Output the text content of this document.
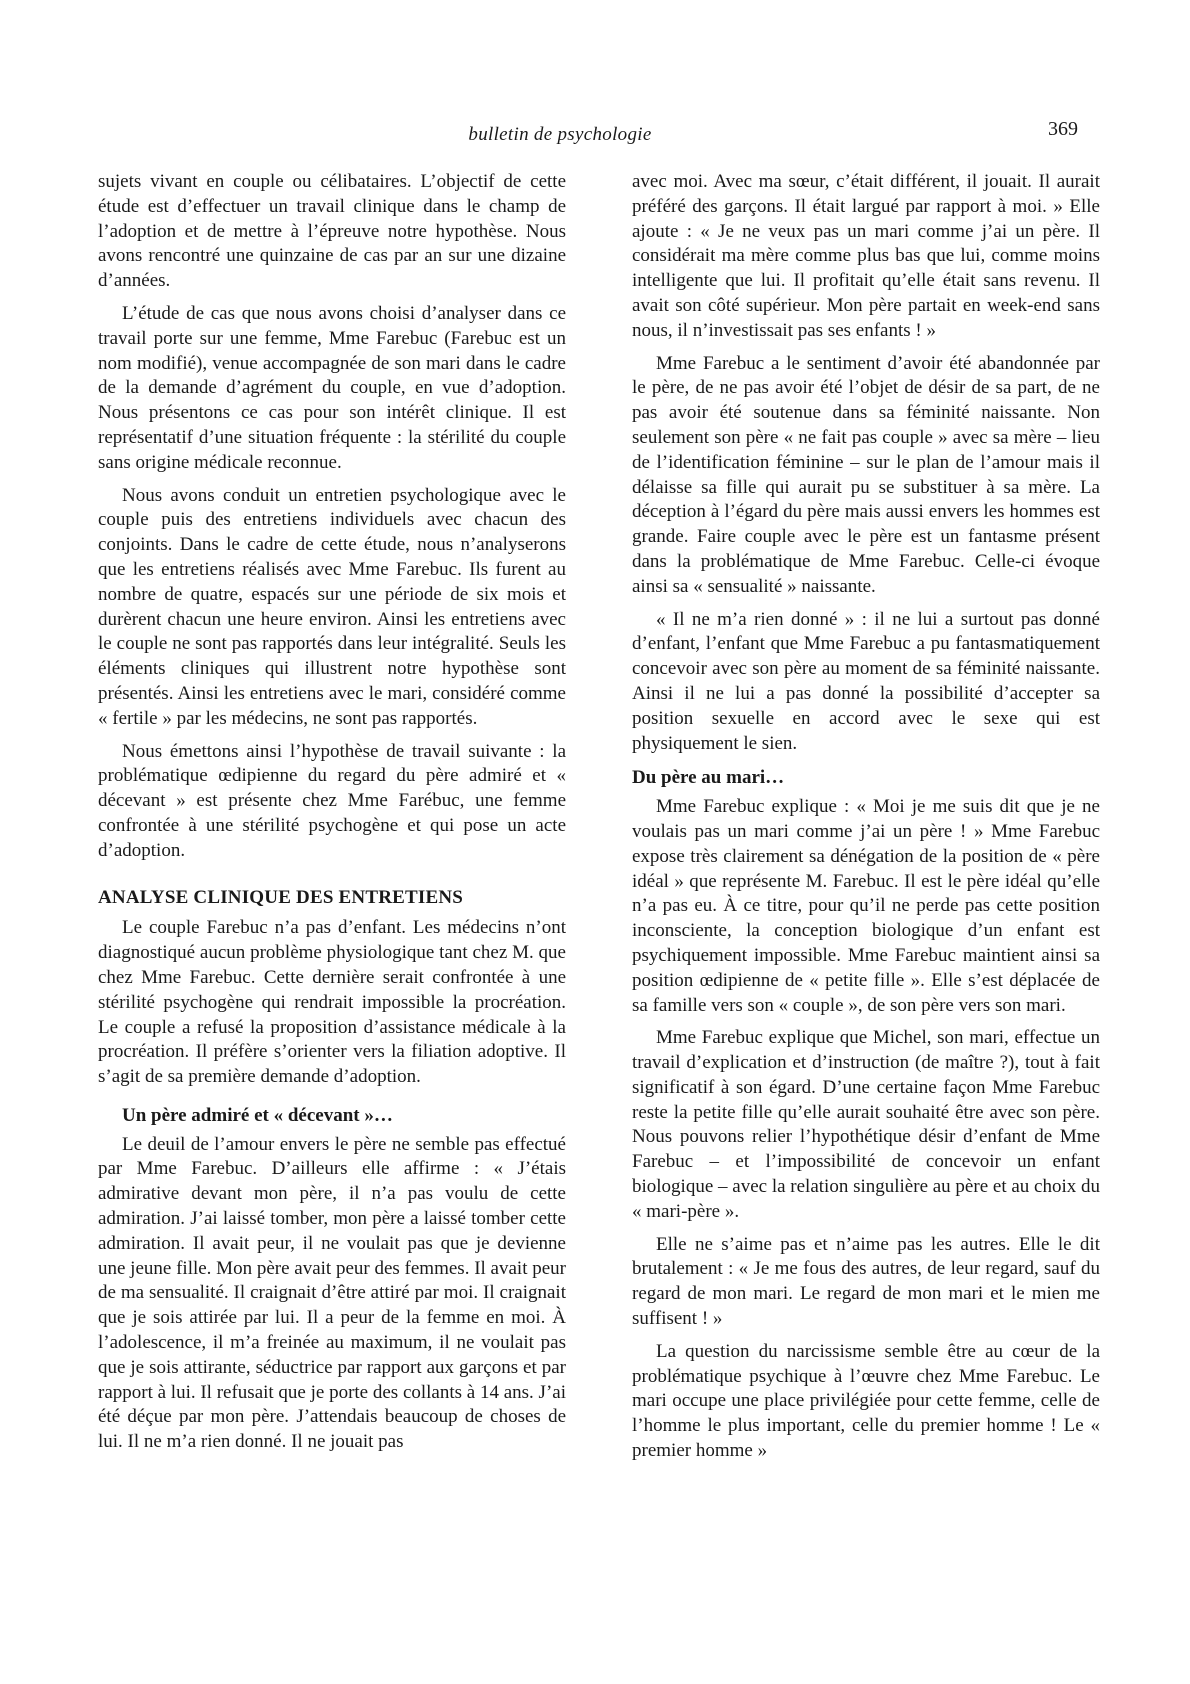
bulletin de psychologie	369

sujets vivant en couple ou célibataires. L’objectif de cette étude est d’effectuer un travail clinique dans le champ de l’adoption et de mettre à l’épreuve notre hypothèse. Nous avons rencontré une quinzaine de cas par an sur une dizaine d’années.

L’étude de cas que nous avons choisi d’analyser dans ce travail porte sur une femme, Mme Farebuc (Farebuc est un nom modifié), venue accompagnée de son mari dans le cadre de la demande d’agrément du couple, en vue d’adoption. Nous présentons ce cas pour son intérêt clinique. Il est représentatif d’une situation fréquente : la stérilité du couple sans origine médicale reconnue.

Nous avons conduit un entretien psychologique avec le couple puis des entretiens individuels avec chacun des conjoints. Dans le cadre de cette étude, nous n’analyserons que les entretiens réalisés avec Mme Farebuc. Ils furent au nombre de quatre, espacés sur une période de six mois et durèrent chacun une heure environ. Ainsi les entretiens avec le couple ne sont pas rapportés dans leur intégralité. Seuls les éléments cliniques qui illustrent notre hypothèse sont présentés. Ainsi les entretiens avec le mari, considéré comme « fertile » par les médecins, ne sont pas rapportés.

Nous émettons ainsi l’hypothèse de travail suivante : la problématique œdipienne du regard du père admiré et « décevant » est présente chez Mme Farébuc, une femme confrontée à une stérilité psychogène et qui pose un acte d’adoption.

ANALYSE CLINIQUE DES ENTRETIENS

Le couple Farebuc n’a pas d’enfant. Les médecins n’ont diagnostiqué aucun problème physiologique tant chez M. que chez Mme Farebuc. Cette dernière serait confrontée à une stérilité psychogène qui rendrait impossible la procréation. Le couple a refusé la proposition d’assistance médicale à la procréation. Il préfère s’orienter vers la filiation adoptive. Il s’agit de sa première demande d’adoption.

Un père admiré et « décevant »…

Le deuil de l’amour envers le père ne semble pas effectué par Mme Farebuc. D’ailleurs elle affirme : « J’étais admirative devant mon père, il n’a pas voulu de cette admiration. J’ai laissé tomber, mon père a laissé tomber cette admiration. Il avait peur, il ne voulait pas que je devienne une jeune fille. Mon père avait peur des femmes. Il avait peur de ma sensualité. Il craignait d’être attiré par moi. Il craignait que je sois attirée par lui. Il a peur de la femme en moi. À l’adolescence, il m’a freinée au maximum, il ne voulait pas que je sois attirante, séductrice par rapport aux garçons et par rapport à lui. Il refusait que je porte des collants à 14 ans. J’ai été déçue par mon père. J’attendais beaucoup de choses de lui. Il ne m’a rien donné. Il ne jouait pas

avec moi. Avec ma sœur, c’était différent, il jouait. Il aurait préféré des garçons. Il était largué par rapport à moi. » Elle ajoute : « Je ne veux pas un mari comme j’ai un père. Il considérait ma mère comme plus bas que lui, comme moins intelligente que lui. Il profitait qu’elle était sans revenu. Il avait son côté supérieur. Mon père partait en week-end sans nous, il n’investissait pas ses enfants ! »

Mme Farebuc a le sentiment d’avoir été abandonnée par le père, de ne pas avoir été l’objet de désir de sa part, de ne pas avoir été soutenue dans sa féminité naissante. Non seulement son père « ne fait pas couple » avec sa mère – lieu de l’identification féminine – sur le plan de l’amour mais il délaisse sa fille qui aurait pu se substituer à sa mère. La déception à l’égard du père mais aussi envers les hommes est grande. Faire couple avec le père est un fantasme présent dans la problématique de Mme Farebuc. Celle-ci évoque ainsi sa « sensualité » naissante.

« Il ne m’a rien donné » : il ne lui a surtout pas donné d’enfant, l’enfant que Mme Farebuc a pu fantasmatiquement concevoir avec son père au moment de sa féminité naissante. Ainsi il ne lui a pas donné la possibilité d’accepter sa position sexuelle en accord avec le sexe qui est physiquement le sien.

Du père au mari…

Mme Farebuc explique : « Moi je me suis dit que je ne voulais pas un mari comme j’ai un père ! » Mme Farebuc expose très clairement sa dénégation de la position de « père idéal » que représente M. Farebuc. Il est le père idéal qu’elle n’a pas eu. À ce titre, pour qu’il ne perde pas cette position inconsciente, la conception biologique d’un enfant est psychiquement impossible. Mme Farebuc maintient ainsi sa position œdipienne de « petite fille ». Elle s’est déplacée de sa famille vers son « couple », de son père vers son mari.

Mme Farebuc explique que Michel, son mari, effectue un travail d’explication et d’instruction (de maître ?), tout à fait significatif à son égard. D’une certaine façon Mme Farebuc reste la petite fille qu’elle aurait souhaité être avec son père. Nous pouvons relier l’hypothétique désir d’enfant de Mme Farebuc – et l’impossibilité de concevoir un enfant biologique – avec la relation singulière au père et au choix du « mari-père ».

Elle ne s’aime pas et n’aime pas les autres. Elle le dit brutalement : « Je me fous des autres, de leur regard, sauf du regard de mon mari. Le regard de mon mari et le mien me suffisent ! »

La question du narcissisme semble être au cœur de la problématique psychique à l’œuvre chez Mme Farebuc. Le mari occupe une place privilégiée pour cette femme, celle de l’homme le plus important, celle du premier homme ! Le « premier homme »
